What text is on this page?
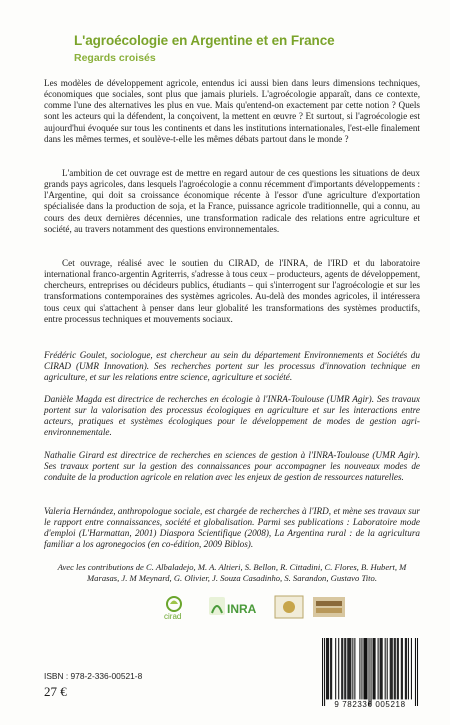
L'agroécologie en Argentine et en France
Regards croisés

Les modèles de développement agricole, entendus ici aussi bien dans leurs dimensions techniques, économiques que sociales, sont plus que jamais pluriels. L'agroécologie apparaît, dans ce contexte, comme l'une des alternatives les plus en vue. Mais qu'entend-on exactement par cette notion ? Quels sont les acteurs qui la défendent, la conçoivent, la mettent en œuvre ? Et surtout, si l'agroécologie est aujourd'hui évoquée sur tous les continents et dans les institutions internationales, l'est-elle finalement dans les mêmes termes, et soulève-t-elle les mêmes débats partout dans le monde ?

L'ambition de cet ouvrage est de mettre en regard autour de ces questions les situations de deux grands pays agricoles, dans lesquels l'agroécologie a connu récemment d'importants développements : l'Argentine, qui doit sa croissance économique récente à l'essor d'une agriculture d'exportation spécialisée dans la production de soja, et la France, puissance agricole traditionnelle, qui a connu, au cours des deux dernières décennies, une transformation radicale des relations entre agriculture et société, au travers notamment des questions environnementales.

Cet ouvrage, réalisé avec le soutien du CIRAD, de l'INRA, de l'IRD et du laboratoire international franco-argentin Agriterris, s'adresse à tous ceux – producteurs, agents de développement, chercheurs, entreprises ou décideurs publics, étudiants – qui s'interrogent sur l'agroécologie et sur les transformations contemporaines des systèmes agricoles. Au-delà des mondes agricoles, il intéressera tous ceux qui s'attachent à penser dans leur globalité les transformations des systèmes productifs, entre processus techniques et mouvements sociaux.

Frédéric Goulet, sociologue, est chercheur au sein du département Environnements et Sociétés du CIRAD (UMR Innovation). Ses recherches portent sur les processus d'innovation technique en agriculture, et sur les relations entre science, agriculture et société.

Danièle Magda est directrice de recherches en écologie à l'INRA-Toulouse (UMR Agir). Ses travaux portent sur la valorisation des processus écologiques en agriculture et sur les interactions entre acteurs, pratiques et systèmes écologiques pour le développement de modes de gestion agri-environnementale.

Nathalie Girard est directrice de recherches en sciences de gestion à l'INRA-Toulouse (UMR Agir). Ses travaux portent sur la gestion des connaissances pour accompagner les nouveaux modes de conduite de la production agricole en relation avec les enjeux de gestion de ressources naturelles.

Valeria Hernández, anthropologue sociale, est chargée de recherches à l'IRD, et mène ses travaux sur le rapport entre connaissances, société et globalisation. Parmi ses publications : Laboratoire mode d'emploi (L'Harmattan, 2001) Diaspora Scientifique (2008), La Argentina rural : de la agricultura familiar a los agronegocios (en co-édition, 2009 Biblos).

Avec les contributions de C. Albaladejo, M. A. Altieri, S. Bellon, R. Cittadini, C. Flores, B. Hubert, M Marasas, J. M Meynard, G. Olivier, J. Souza Casadinho, S. Sarandon, Gustavo Tito.

cirad
INRA
ISBN : 978-2-336-00521-8
27 €
9 782336 005218
